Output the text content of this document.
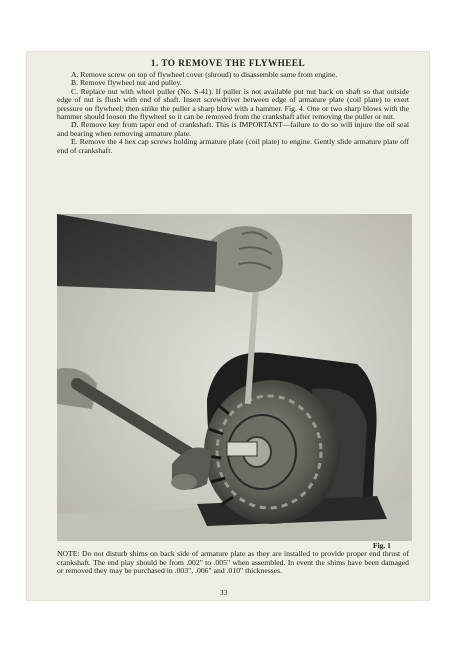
1. TO REMOVE THE FLYWHEEL

A. Remove screw on top of flywheel cover (shroud) to disassemble same from engine.

B. Remove flywheel nut and pulley.

C. Replace nut with wheel puller (No. S-41). If puller is not available put nut back on shaft so that outside edge of nut is flush with end of shaft. Insert screwdriver between edge of armature plate (coil plate) to exert pressure on flywheel; then strike the puller a sharp blow with a hammer. Fig. 4. One or two sharp blows with the hammer should loosen the flywheel so it can be removed from the crankshaft after removing the puller or nut.

D. Remove key from taper end of crankshaft. This is IMPORTANT—failure to do so will injure the oil seal and bearing when removing armature plate.

E. Remove the 4 hex cap screws holding armature plate (coil plate) to engine. Gently slide armature plate off end of crankshaft.

Fig. 1

NOTE: Do not disturb shims on back side of armature plate as they are installed to provide proper end thrust of crankshaft. The end play should be from .002" to .005" when assembled. In event the shims have been damaged or removed they may be purchased in .003", .006" and .010" thicknesses.

33
